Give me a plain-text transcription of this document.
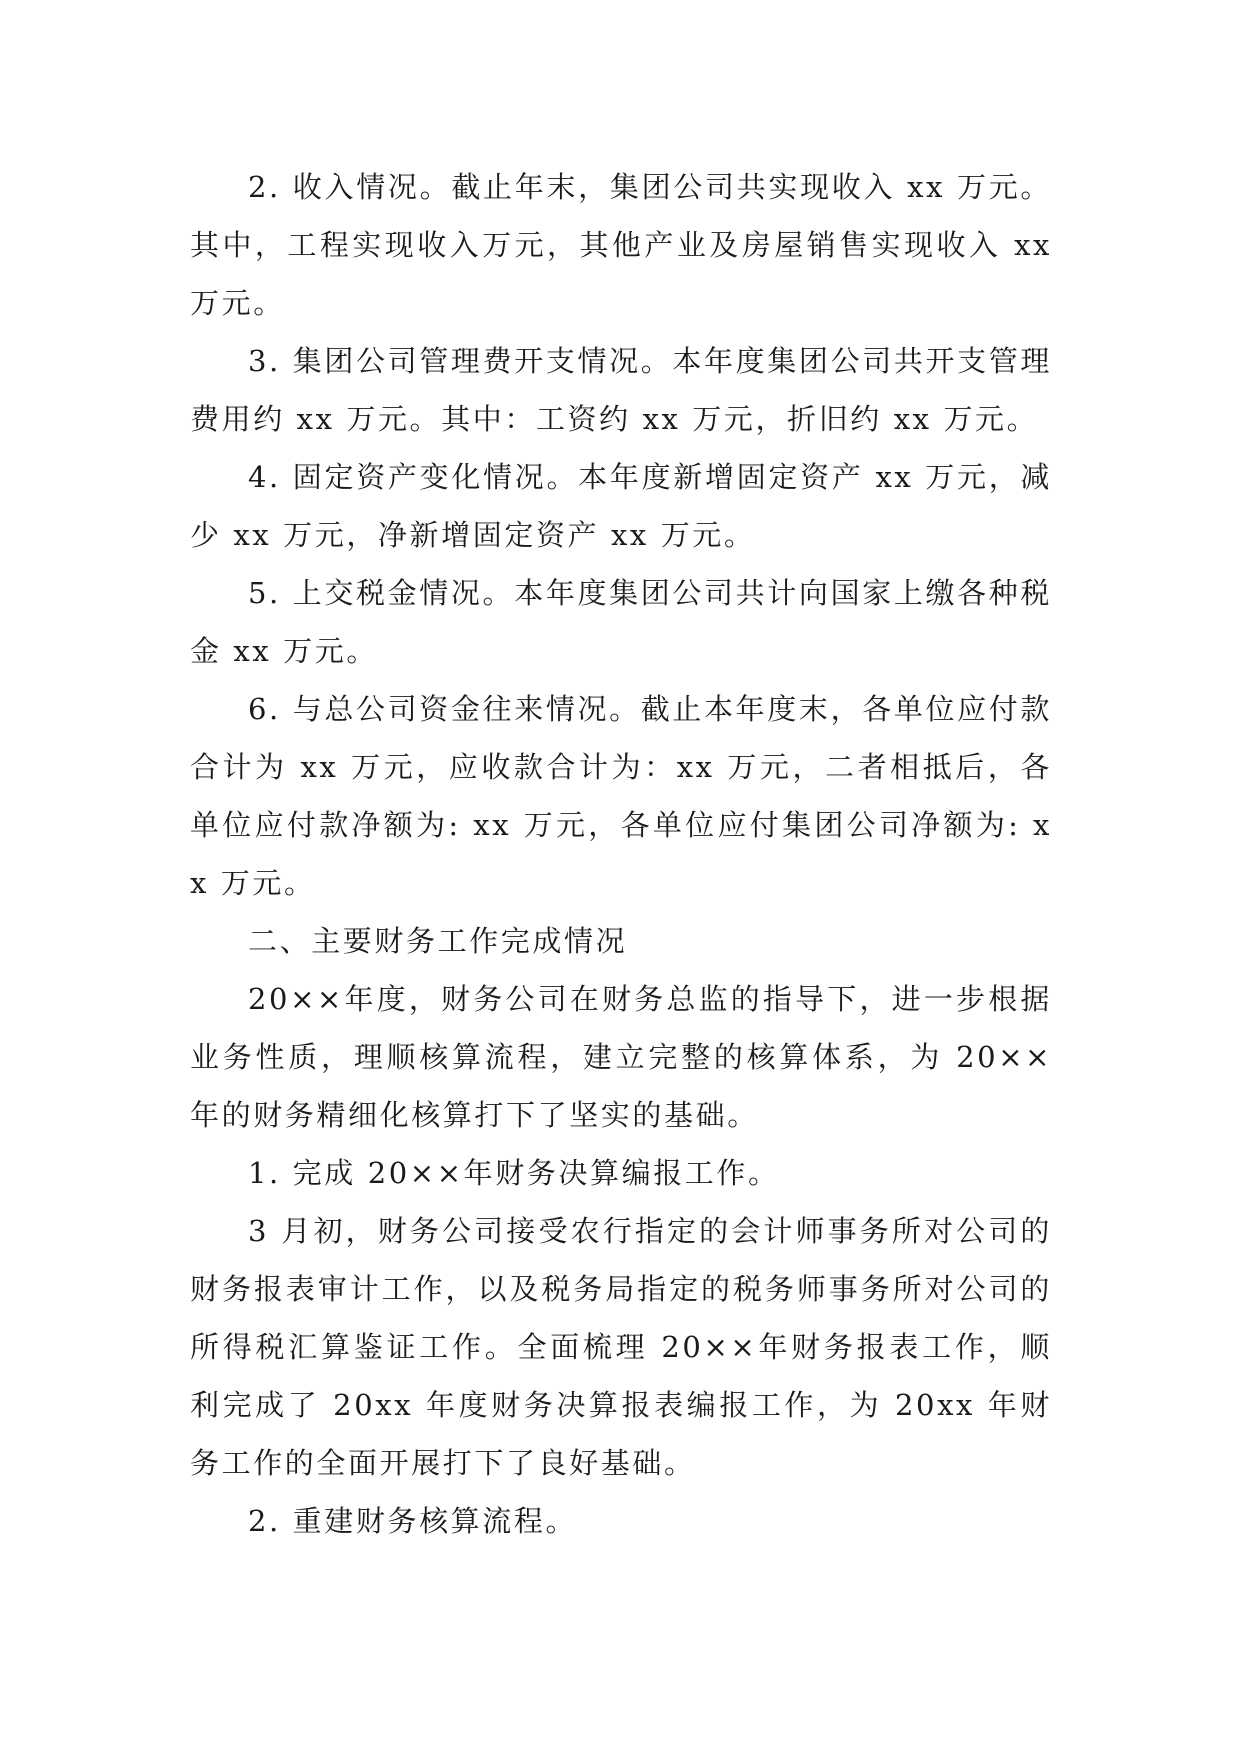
2. 收入情况。截止年末，集团公司共实现收入 xx 万元。其中，工程实现收入万元，其他产业及房屋销售实现收入 xx 万元。

3. 集团公司管理费开支情况。本年度集团公司共开支管理费用约 xx 万元。其中：工资约 xx 万元，折旧约 xx 万元。

4. 固定资产变化情况。本年度新增固定资产 xx 万元，减少 xx 万元，净新增固定资产 xx 万元。

5. 上交税金情况。本年度集团公司共计向国家上缴各种税金 xx 万元。

6. 与总公司资金往来情况。截止本年度末，各单位应付款合计为 xx 万元，应收款合计为：xx 万元，二者相抵后，各单位应付款净额为: xx 万元，各单位应付集团公司净额为: xx 万元。

二、主要财务工作完成情况

20××年度，财务公司在财务总监的指导下，进一步根据业务性质，理顺核算流程，建立完整的核算体系，为 20××年的财务精细化核算打下了坚实的基础。

1. 完成 20××年财务决算编报工作。

3 月初，财务公司接受农行指定的会计师事务所对公司的财务报表审计工作，以及税务局指定的税务师事务所对公司的所得税汇算鉴证工作。全面梳理 20××年财务报表工作，顺利完成了 20xx 年度财务决算报表编报工作，为 20xx 年财务工作的全面开展打下了良好基础。

2. 重建财务核算流程。
